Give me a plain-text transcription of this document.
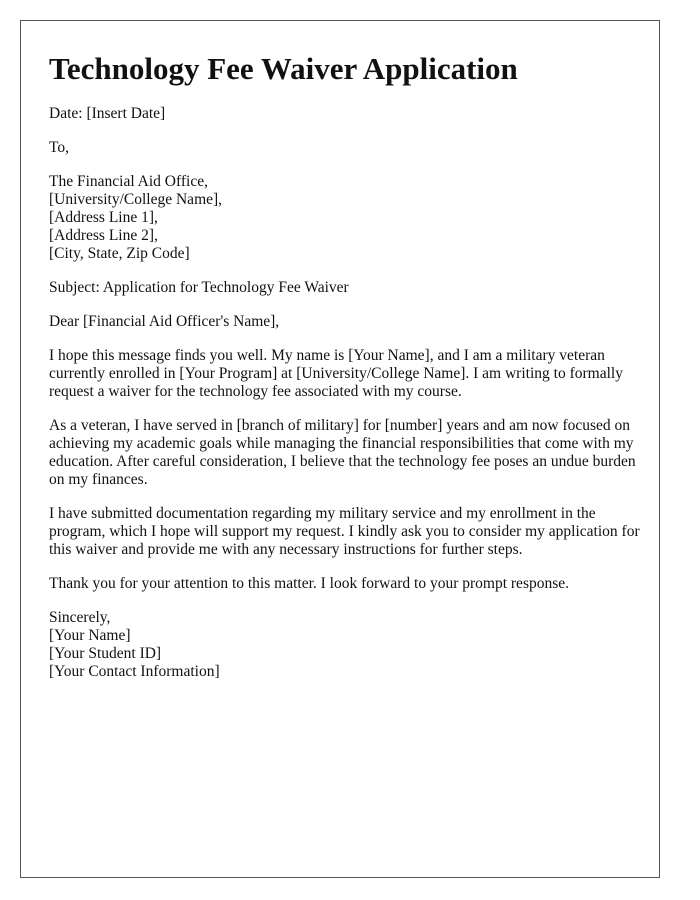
Technology Fee Waiver Application

Date: [Insert Date]

To,

The Financial Aid Office,
[University/College Name],
[Address Line 1],
[Address Line 2],
[City, State, Zip Code]

Subject: Application for Technology Fee Waiver

Dear [Financial Aid Officer's Name],

I hope this message finds you well. My name is [Your Name], and I am a military veteran currently enrolled in [Your Program] at [University/College Name]. I am writing to formally request a waiver for the technology fee associated with my course.

As a veteran, I have served in [branch of military] for [number] years and am now focused on achieving my academic goals while managing the financial responsibilities that come with my education. After careful consideration, I believe that the technology fee poses an undue burden on my finances.

I have submitted documentation regarding my military service and my enrollment in the program, which I hope will support my request. I kindly ask you to consider my application for this waiver and provide me with any necessary instructions for further steps.

Thank you for your attention to this matter. I look forward to your prompt response.

Sincerely,
[Your Name]
[Your Student ID]
[Your Contact Information]
